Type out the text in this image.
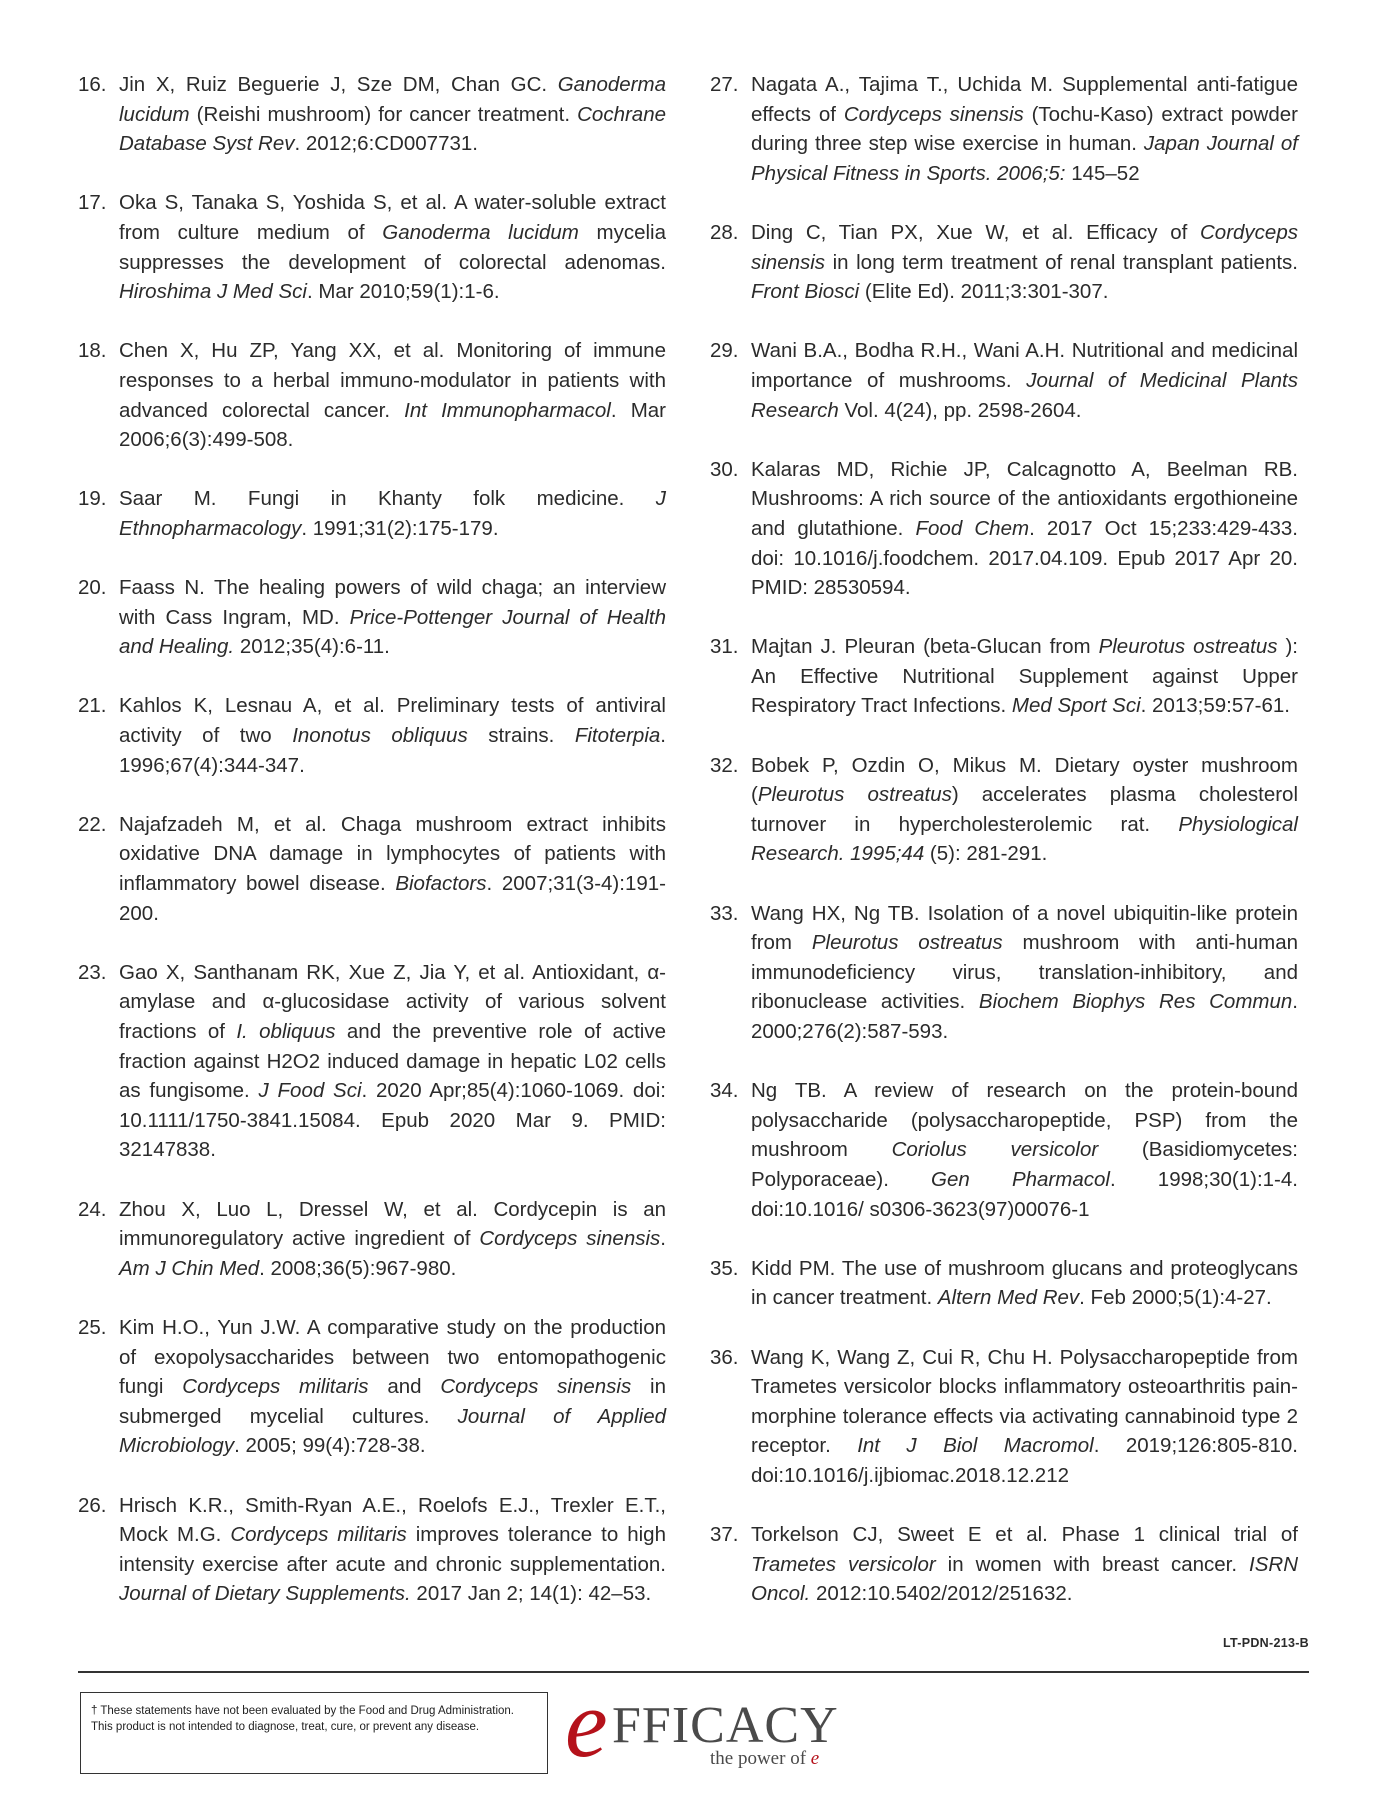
16. Jin X, Ruiz Beguerie J, Sze DM, Chan GC. Ganoderma lucidum (Reishi mushroom) for cancer treatment. Cochrane Database Syst Rev. 2012;6:CD007731.
17. Oka S, Tanaka S, Yoshida S, et al. A water-soluble extract from culture medium of Ganoderma lucidum mycelia suppresses the development of colorectal adenomas. Hiroshima J Med Sci. Mar 2010;59(1):1-6.
18. Chen X, Hu ZP, Yang XX, et al. Monitoring of immune responses to a herbal immuno-modulator in patients with advanced colorectal cancer. Int Immunopharmacol. Mar 2006;6(3):499-508.
19. Saar M. Fungi in Khanty folk medicine. J Ethnopharmacology. 1991;31(2):175-179.
20. Faass N. The healing powers of wild chaga; an interview with Cass Ingram, MD. Price-Pottenger Journal of Health and Healing. 2012;35(4):6-11.
21. Kahlos K, Lesnau A, et al. Preliminary tests of antiviral activity of two Inonotus obliquus strains. Fitoterpia. 1996;67(4):344-347.
22. Najafzadeh M, et al. Chaga mushroom extract inhibits oxidative DNA damage in lymphocytes of patients with inflammatory bowel disease. Biofactors. 2007;31(3-4):191-200.
23. Gao X, Santhanam RK, Xue Z, Jia Y, et al. Antioxidant, α-amylase and α-glucosidase activity of various solvent fractions of I. obliquus and the preventive role of active fraction against H2O2 induced damage in hepatic L02 cells as fungisome. J Food Sci. 2020 Apr;85(4):1060-1069. doi: 10.1111/1750-3841.15084. Epub 2020 Mar 9. PMID: 32147838.
24. Zhou X, Luo L, Dressel W, et al. Cordycepin is an immunoregulatory active ingredient of Cordyceps sinensis. Am J Chin Med. 2008;36(5):967-980.
25. Kim H.O., Yun J.W. A comparative study on the production of exopolysaccharides between two entomopathogenic fungi Cordyceps militaris and Cordyceps sinensis in submerged mycelial cultures. Journal of Applied Microbiology. 2005; 99(4):728-38.
26. Hrisch K.R., Smith-Ryan A.E., Roelofs E.J., Trexler E.T., Mock M.G. Cordyceps militaris improves tolerance to high intensity exercise after acute and chronic supplementation. Journal of Dietary Supplements. 2017 Jan 2; 14(1): 42–53.
27. Nagata A., Tajima T., Uchida M. Supplemental anti-fatigue effects of Cordyceps sinensis (Tochu-Kaso) extract powder during three step wise exercise in human. Japan Journal of Physical Fitness in Sports. 2006;5: 145–52
28. Ding C, Tian PX, Xue W, et al. Efficacy of Cordyceps sinensis in long term treatment of renal transplant patients. Front Biosci (Elite Ed). 2011;3:301-307.
29. Wani B.A., Bodha R.H., Wani A.H. Nutritional and medicinal importance of mushrooms. Journal of Medicinal Plants Research Vol. 4(24), pp. 2598-2604.
30. Kalaras MD, Richie JP, Calcagnotto A, Beelman RB. Mushrooms: A rich source of the antioxidants ergothioneine and glutathione. Food Chem. 2017 Oct 15;233:429-433. doi: 10.1016/j.foodchem. 2017.04.109. Epub 2017 Apr 20. PMID: 28530594.
31. Majtan J. Pleuran (beta-Glucan from Pleurotus ostreatus ): An Effective Nutritional Supplement against Upper Respiratory Tract Infections. Med Sport Sci. 2013;59:57-61.
32. Bobek P, Ozdin O, Mikus M. Dietary oyster mushroom (Pleurotus ostreatus) accelerates plasma cholesterol turnover in hypercholesterolemic rat. Physiological Research. 1995;44 (5): 281-291.
33. Wang HX, Ng TB. Isolation of a novel ubiquitin-like protein from Pleurotus ostreatus mushroom with anti-human immunodeficiency virus, translation-inhibitory, and ribonuclease activities. Biochem Biophys Res Commun. 2000;276(2):587-593.
34. Ng TB. A review of research on the protein-bound polysaccharide (polysaccharopeptide, PSP) from the mushroom Coriolus versicolor (Basidiomycetes: Polyporaceae). Gen Pharmacol. 1998;30(1):1-4. doi:10.1016/ s0306-3623(97)00076-1
35. Kidd PM. The use of mushroom glucans and proteoglycans in cancer treatment. Altern Med Rev. Feb 2000;5(1):4-27.
36. Wang K, Wang Z, Cui R, Chu H. Polysaccharopeptide from Trametes versicolor blocks inflammatory osteoarthritis pain-morphine tolerance effects via activating cannabinoid type 2 receptor. Int J Biol Macromol. 2019;126:805-810. doi:10.1016/j.ijbiomac.2018.12.212
37. Torkelson CJ, Sweet E et al. Phase 1 clinical trial of Trametes versicolor in women with breast cancer. ISRN Oncol. 2012:10.5402/2012/251632.
LT-PDN-213-B
† These statements have not been evaluated by the Food and Drug Administration.
This product is not intended to diagnose, treat, cure, or prevent any disease. e FFICACY
the power of e
